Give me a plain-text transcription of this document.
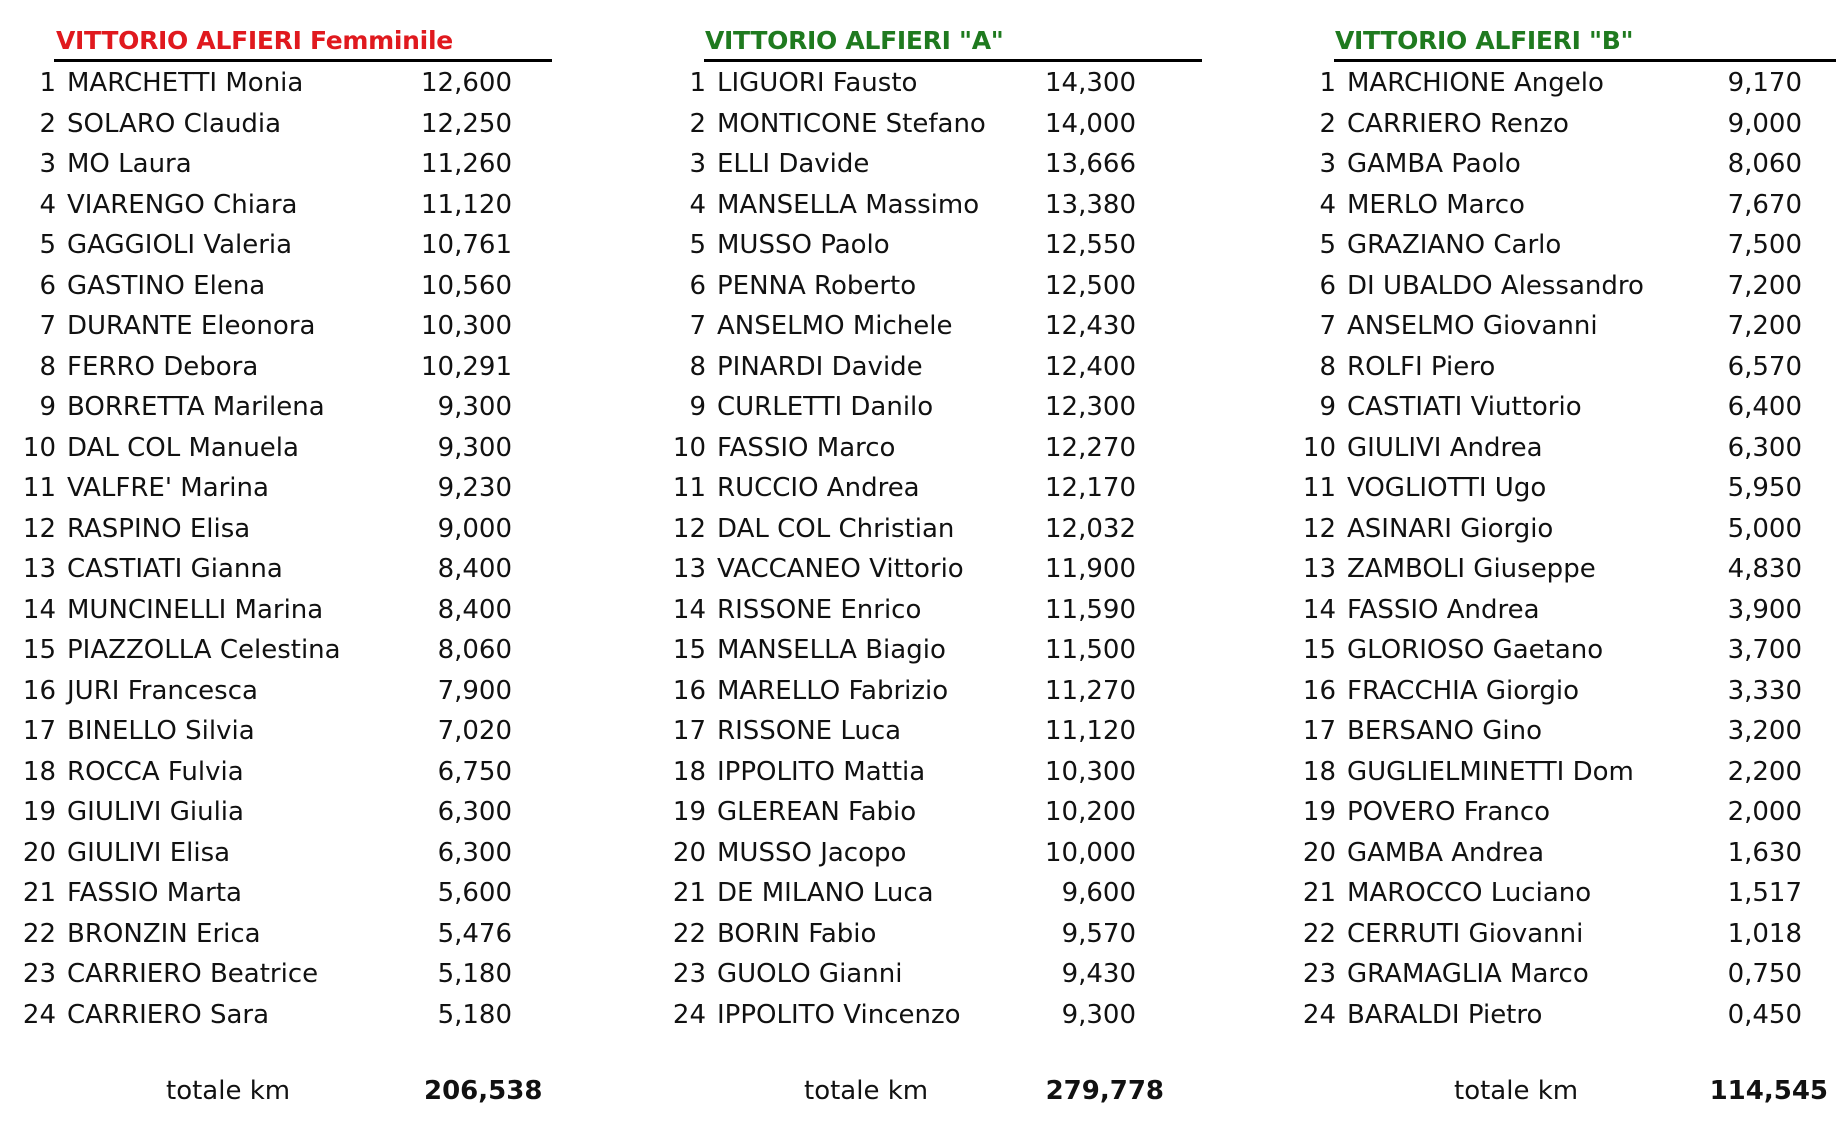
VITTORIO ALFIERI Femminile
1 MARCHETTI Monia	12,600
2 SOLARO Claudia	12,250
3 MO Laura	11,260
4 VIARENGO Chiara	11,120
5 GAGGIOLI Valeria	10,761
6 GASTINO Elena	10,560
7 DURANTE Eleonora	10,300
8 FERRO Debora	10,291
9 BORRETTA Marilena	9,300
10 DAL COL Manuela	9,300
11 VALFRE' Marina	9,230
12 RASPINO Elisa	9,000
13 CASTIATI Gianna	8,400
14 MUNCINELLI Marina	8,400
15 PIAZZOLLA Celestina	8,060
16 JURI Francesca	7,900
17 BINELLO Silvia	7,020
18 ROCCA Fulvia	6,750
19 GIULIVI Giulia	6,300
20 GIULIVI Elisa	6,300
21 FASSIO Marta	5,600
22 BRONZIN Erica	5,476
23 CARRIERO Beatrice	5,180
24 CARRIERO Sara	5,180
totale km	206,538
VITTORIO ALFIERI "A"
1 LIGUORI Fausto	14,300
2 MONTICONE Stefano	14,000
3 ELLI Davide	13,666
4 MANSELLA Massimo	13,380
5 MUSSO Paolo	12,550
6 PENNA Roberto	12,500
7 ANSELMO Michele	12,430
8 PINARDI Davide	12,400
9 CURLETTI Danilo	12,300
10 FASSIO Marco	12,270
11 RUCCIO Andrea	12,170
12 DAL COL Christian	12,032
13 VACCANEO Vittorio	11,900
14 RISSONE Enrico	11,590
15 MANSELLA Biagio	11,500
16 MARELLO Fabrizio	11,270
17 RISSONE Luca	11,120
18 IPPOLITO Mattia	10,300
19 GLEREAN Fabio	10,200
20 MUSSO Jacopo	10,000
21 DE MILANO Luca	9,600
22 BORIN Fabio	9,570
23 GUOLO Gianni	9,430
24 IPPOLITO Vincenzo	9,300
totale km	279,778
VITTORIO ALFIERI "B"
1 MARCHIONE Angelo	9,170
2 CARRIERO Renzo	9,000
3 GAMBA Paolo	8,060
4 MERLO Marco	7,670
5 GRAZIANO Carlo	7,500
6 DI UBALDO Alessandro	7,200
7 ANSELMO Giovanni	7,200
8 ROLFI Piero	6,570
9 CASTIATI Viuttorio	6,400
10 GIULIVI Andrea	6,300
11 VOGLIOTTI Ugo	5,950
12 ASINARI Giorgio	5,000
13 ZAMBOLI Giuseppe	4,830
14 FASSIO Andrea	3,900
15 GLORIOSO Gaetano	3,700
16 FRACCHIA Giorgio	3,330
17 BERSANO Gino	3,200
18 GUGLIELMINETTI Dom	2,200
19 POVERO Franco	2,000
20 GAMBA Andrea	1,630
21 MAROCCO Luciano	1,517
22 CERRUTI Giovanni	1,018
23 GRAMAGLIA Marco	0,750
24 BARALDI Pietro	0,450
totale km	114,545
